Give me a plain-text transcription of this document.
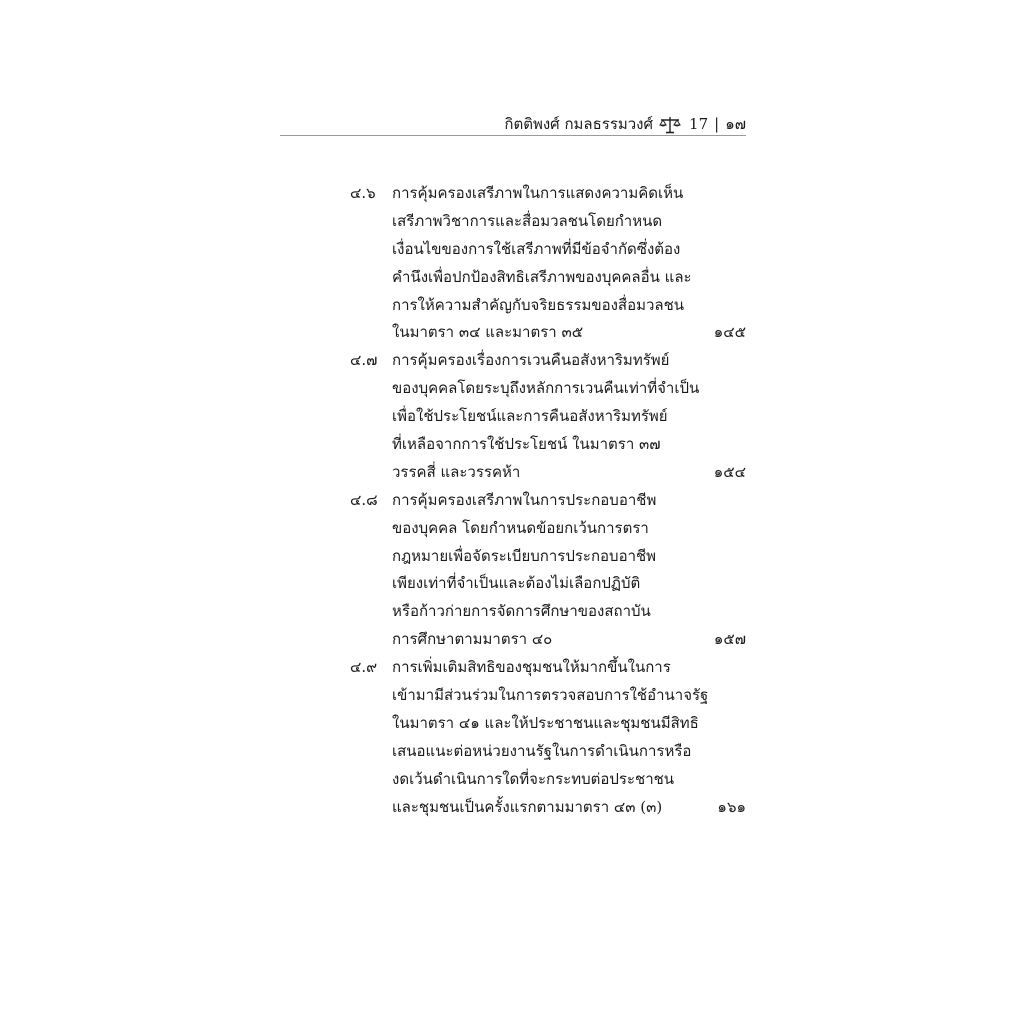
กิตติพงศ์ กมลธรรมวงศ์ 17 | ๑๗
๔.๖	การคุ้มครองเสรีภาพในการแสดงความคิดเห็น
เสรีภาพวิชาการและสื่อมวลชนโดยกำหนด
เงื่อนไขของการใช้เสรีภาพที่มีข้อจำกัดซึ่งต้อง
คำนึงเพื่อปกป้องสิทธิเสรีภาพของบุคคลอื่น และ
การให้ความสำคัญกับจริยธรรมของสื่อมวลชน
ในมาตรา ๓๔ และมาตรา ๓๕	๑๔๕
๔.๗ การคุ้มครองเรื่องการเวนคืนอสังหาริมทรัพย์
ของบุคคลโดยระบุถึงหลักการเวนคืนเท่าที่จำเป็น
เพื่อใช้ประโยชน์และการคืนอสังหาริมทรัพย์
ที่เหลือจากการใช้ประโยชน์ ในมาตรา ๓๗
วรรคสี่ และวรรคห้า	๑๕๔
๔.๘ การคุ้มครองเสรีภาพในการประกอบอาชีพ
ของบุคคล โดยกำหนดข้อยกเว้นการตรา
กฎหมายเพื่อจัดระเบียบการประกอบอาชีพ
เพียงเท่าที่จำเป็นและต้องไม่เลือกปฏิบัติ
หรือก้าวก่ายการจัดการศึกษาของสถาบัน
การศึกษาตามมาตรา ๔๐	๑๕๗
๔.๙ การเพิ่มเติมสิทธิของชุมชนให้มากขึ้นในการ
เข้ามามีส่วนร่วมในการตรวจสอบการใช้อำนาจรัฐ
ในมาตรา ๔๑ และให้ประชาชนและชุมชนมีสิทธิ
เสนอแนะต่อหน่วยงานรัฐในการดำเนินการหรือ
งดเว้นดำเนินการใดที่จะกระทบต่อประชาชน
และชุมชนเป็นครั้งแรกตามมาตรา ๔๓ (๓)	๑๖๑
